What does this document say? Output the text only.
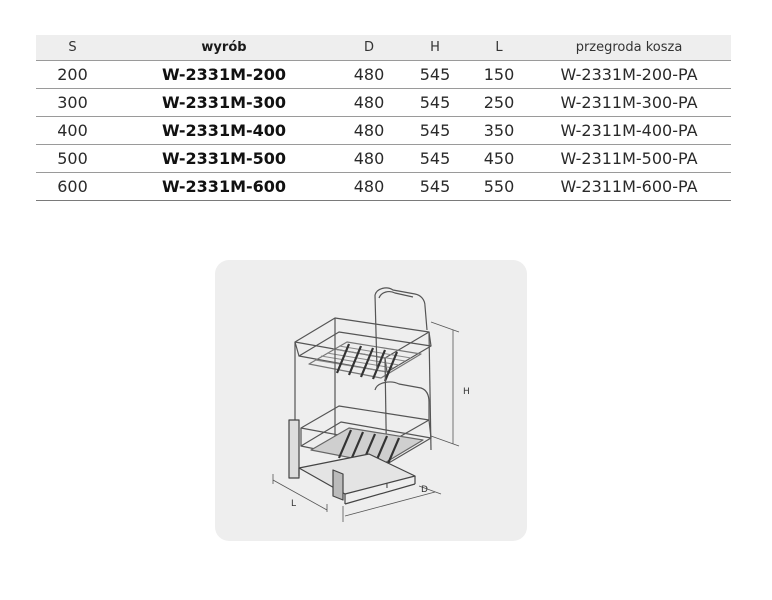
S	wyrób	D	H	L	przegroda kosza
200	W-2331M-200	480	545	150	W-2331M-200-PA
300	W-2331M-300	480	545	250	W-2311M-300-PA
400	W-2331M-400	480	545	350	W-2311M-400-PA
500	W-2331M-500	480	545	450	W-2311M-500-PA
600	W-2331M-600	480	545	550	W-2311M-600-PA
H
D
L
